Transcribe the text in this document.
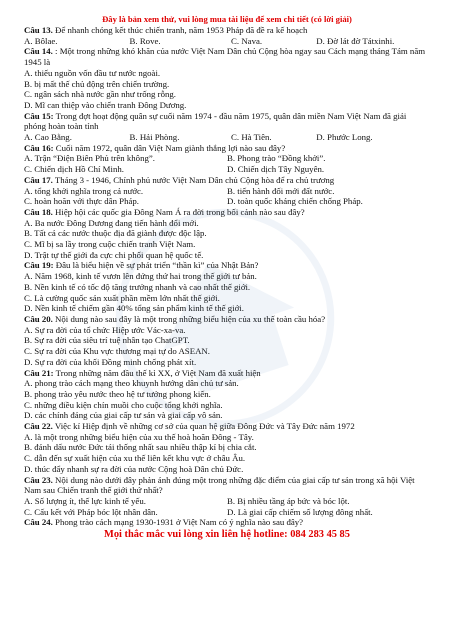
Đây là bản xem thử, vui lòng mua tài liệu để xem chi tiết (có lời giải)
Câu 13. Để nhanh chóng kết thúc chiến tranh, năm 1953 Pháp đã đề ra kế hoạch
A. Bôlae.	B. Rove.	C. Nava.	D. Đờ lát đờ Tátxinhi.
Câu 14. : Một trong những khó khăn của nước Việt Nam Dân chủ Cộng hòa ngay sau Cách mạng tháng Tám năm 1945 là
A. thiếu nguồn vốn đầu tư nước ngoài.
B. bị mất thế chủ động trên chiến trường.
C. ngân sách nhà nước gần như trống rỗng.
D. Mĩ can thiệp vào chiến tranh Đông Dương.
Câu 15: Trong đợt hoạt động quân sự cuối năm 1974 - đầu năm 1975, quân dân miền Nam Việt Nam đã giải phóng hoàn toàn tỉnh
A. Cao Bằng.	B. Hải Phòng.	C. Hà Tiên.	D. Phước Long.
Câu 16: Cuối năm 1972, quân dân Việt Nam giành thắng lợi nào sau đây?
A. Trận “Điện Biên Phủ trên không”.	B. Phong trào “Đồng khởi”.
C. Chiến dịch Hồ Chí Minh.	D. Chiến dịch Tây Nguyên.
Câu 17. Tháng 3 - 1946, Chính phủ nước Việt Nam Dân chủ Cộng hòa để ra chủ trương
A. tổng khởi nghĩa trong cả nước.	B. tiến hành đối mới đất nước.
C. hoàn hoãn với thực dân Pháp.	D. toàn quốc kháng chiến chống Pháp.
Câu 18. Hiệp hội các quốc gia Đông Nam Á ra đời trong bối cảnh nào sau đây?
A. Ba nước Đông Dương đang tiến hành đổi mới.
B. Tất cả các nước thuộc địa đã giành được độc lập.
C. Mĩ bị sa lầy trong cuộc chiến tranh Việt Nam.
D. Trật tự thế giới đa cực chi phối quan hệ quốc tế.
Câu 19: Đâu là biểu hiện về sự phát triển “thần kì” của Nhật Bản?
A. Năm 1968, kinh tế vươn lên đứng thứ hai trong thế giới tư bản.
B. Nền kinh tế có tốc độ tăng trưởng nhanh và cao nhất thế giới.
C. Là cường quốc sản xuất phần mềm lớn nhất thế giới.
D. Nền kinh tế chiếm gần 40% tổng sản phẩm kinh tế thế giới.
Câu 20. Nội dung nào sau đây là một trong những biểu hiện của xu thế toàn cầu hóa?
A. Sự ra đời của tổ chức Hiệp ước Vác-xa-va.
B. Sự ra đời của siêu trí tuệ nhân tạo ChatGPT.
C. Sự ra đời của Khu vực thương mại tự do ASEAN.
D. Sự ra đời của khối Đồng minh chống phát xít.
Câu 21: Trong những năm đầu thế kỉ XX, ở Việt Nam đã xuất hiện
A. phong trào cách mạng theo khuynh hướng dân chủ tư sản.
B. phong trào yêu nước theo hệ tư tưởng phong kiến.
C. những điều kiện chín muồi cho cuộc tổng khởi nghĩa.
D. các chính đảng của giai cấp tư sản và giai cấp vô sản.
Câu 22. Việc kí Hiệp định về những cơ sở của quan hệ giữa Đông Đức và Tây Đức năm 1972
A. là một trong những biểu hiện của xu thế hoà hoãn Đông - Tây.
B. đánh dấu nước Đức tái thống nhất sau nhiều thập kỉ bị chia cắt.
C. dẫn đến sự xuất hiện của xu thế liên kết khu vực ở châu Âu.
D. thúc đẩy nhanh sự ra đời của nước Cộng hoà Dân chủ Đức.
Câu 23. Nội dung nào dưới đây phản ánh đúng một trong những đặc điểm của giai cấp tư sản trong xã hội Việt Nam sau Chiến tranh thế giới thứ nhất?
A. Số lượng ít, thế lực kinh tế yếu.	B. Bị nhiều tầng áp bức và bóc lột.
C. Cấu kết với Pháp bóc lột nhân dân.	D. Là giai cấp chiếm số lượng đông nhất.
Câu 24. Phong trào cách mạng 1930-1931 ở Việt Nam có ý nghĩa nào sau đây?
Mọi thắc mắc vui lòng xin liên hệ hotline: 084 283 45 85
